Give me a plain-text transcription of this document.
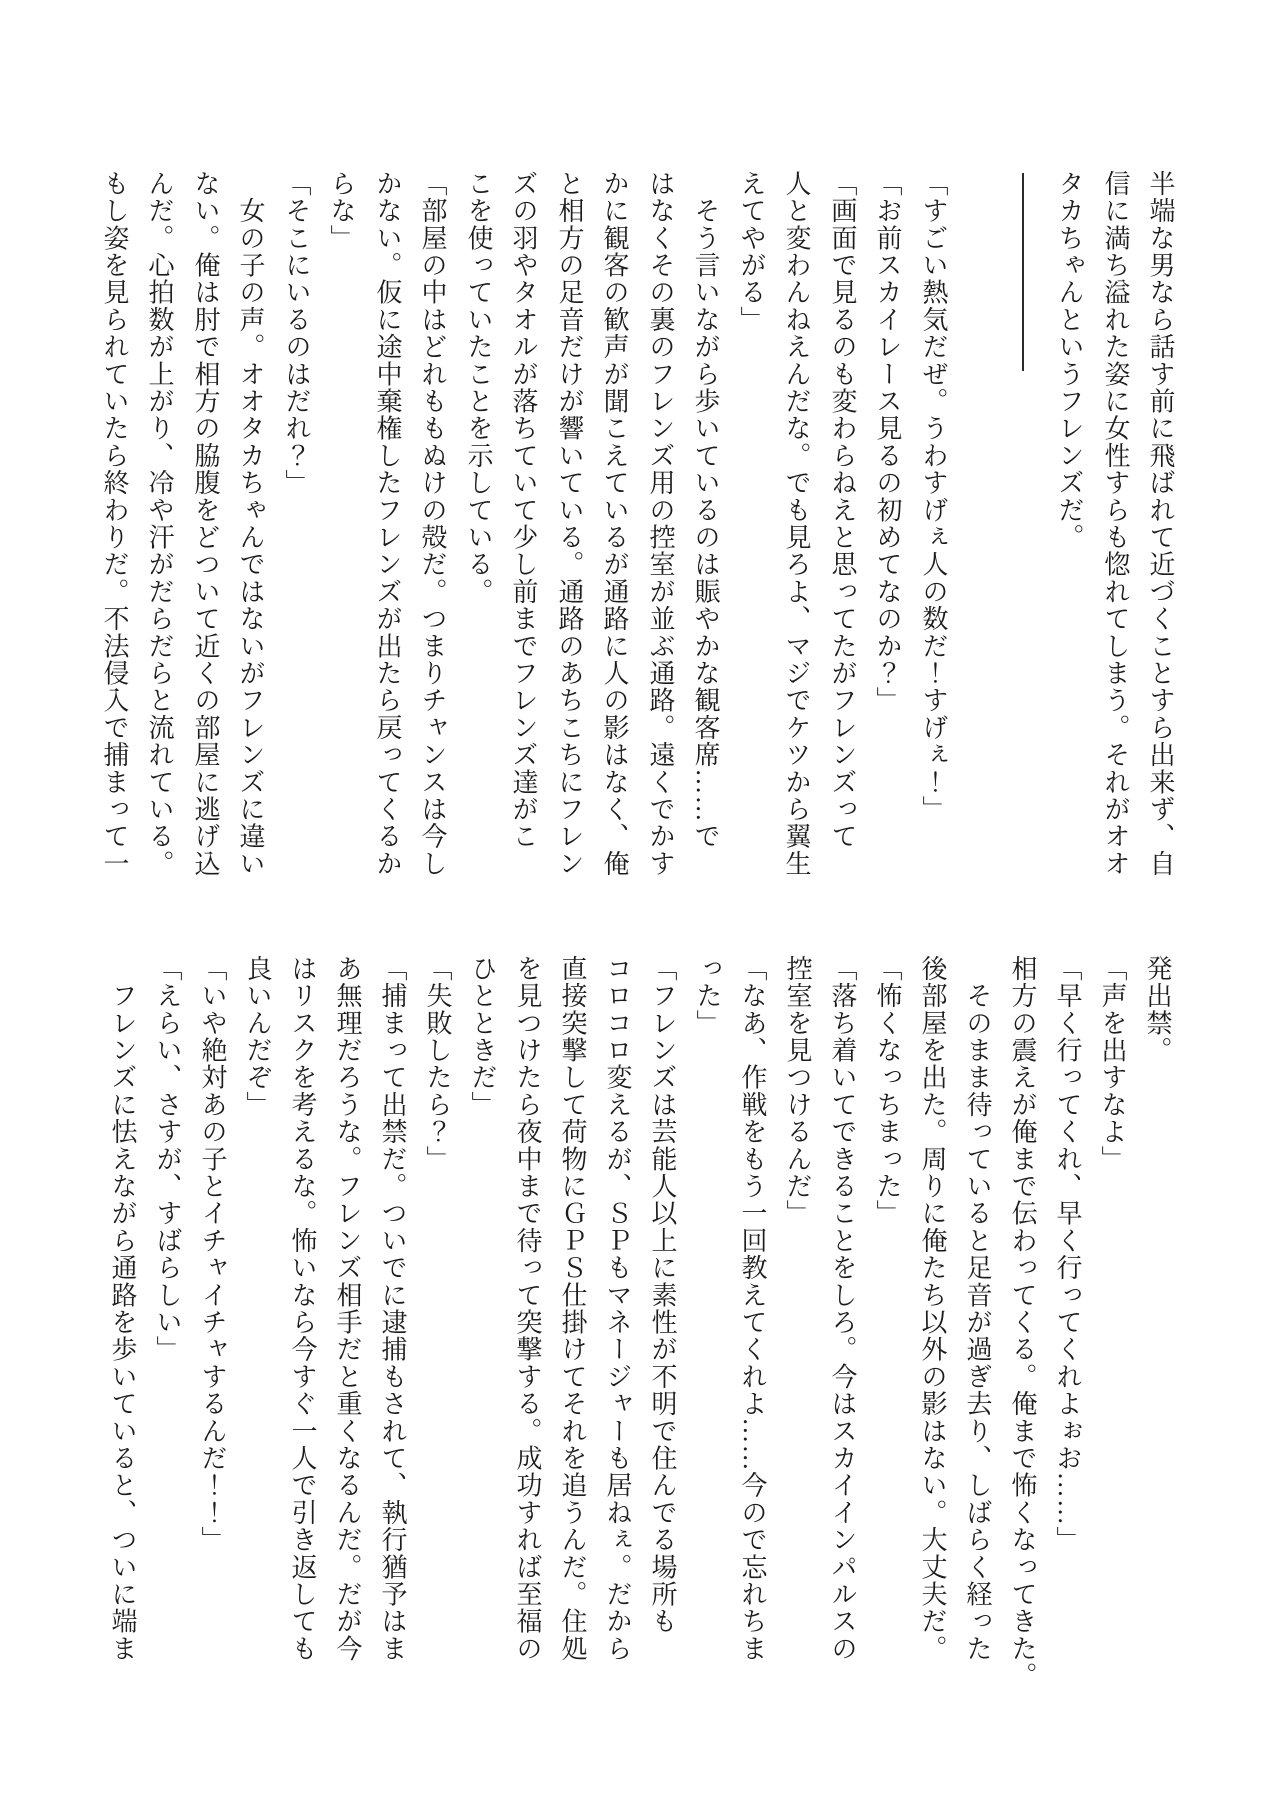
半端な男なら話す前に飛ばれて近づくことすら出来ず、自
信に満ち溢れた姿に女性すらも惚れてしまう。それがオオ
タカちゃんというフレンズだ。
「すごい熱気だぜ。うわすげぇ人の数だ！すげぇ！」
「お前スカイレース見るの初めてなのか？」
「画面で見るのも変わらねえと思ってたがフレンズって
人と変わんねえんだな。でも見ろよ、マジでケツから翼生
えてやがる」
　そう言いながら歩いているのは賑やかな観客席……で
はなくその裏のフレンズ用の控室が並ぶ通路。遠くでかす
かに観客の歓声が聞こえているが通路に人の影はなく、俺
と相方の足音だけが響いている。通路のあちこちにフレン
ズの羽やタオルが落ちていて少し前までフレンズ達がこ
こを使っていたことを示している。
「部屋の中はどれももぬけの殻だ。つまりチャンスは今し
かない。仮に途中棄権したフレンズが出たら戻ってくるか
らな」
「そこにいるのはだれ？」
　女の子の声。オオタカちゃんではないがフレンズに違い
ない。俺は肘で相方の脇腹をどついて近くの部屋に逃げ込
んだ。心拍数が上がり、冷や汗がだらだらと流れている。
もし姿を見られていたら終わりだ。不法侵入で捕まって一
発出禁。
「声を出すなよ」
「早く行ってくれ、早く行ってくれよぉお……」
相方の震えが俺まで伝わってくる。俺まで怖くなってきた。
　そのまま待っていると足音が過ぎ去り、しばらく経った
後部屋を出た。周りに俺たち以外の影はない。大丈夫だ。
「怖くなっちまった」
「落ち着いてできることをしろ。今はスカイインパルスの
控室を見つけるんだ」
「なあ、作戦をもう一回教えてくれよ……今ので忘れちま
った」
「フレンズは芸能人以上に素性が不明で住んでる場所も
コロコロ変えるが、ＳＰもマネージャーも居ねぇ。だから
直接突撃して荷物にＧＰＳ仕掛けてそれを追うんだ。住処
を見つけたら夜中まで待って突撃する。成功すれば至福の
ひとときだ」
「失敗したら？」
「捕まって出禁だ。ついでに逮捕もされて、執行猶予はま
あ無理だろうな。フレンズ相手だと重くなるんだ。だが今
はリスクを考えるな。怖いなら今すぐ一人で引き返しても
良いんだぞ」
「いや絶対あの子とイチャイチャするんだ！！」
「えらい、さすが、すばらしい」
　フレンズに怯えながら通路を歩いていると、ついに端ま
